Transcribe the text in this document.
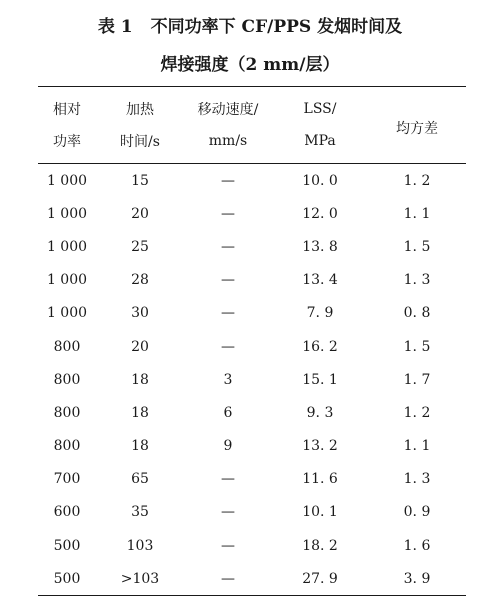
表 1 不同功率下 CF/PPS 发烟时间及
焊接强度（2 mm/层）
相对	加热	移动速度/	LSS/	均方差
功率	时间/s	mm/s	MPa	
1 000	15	—	10. 0	1. 2
1 000	20	—	12. 0	1. 1
1 000	25	—	13. 8	1. 5
1 000	28	—	13. 4	1. 3
1 000	30	—	7. 9	0. 8
800	20	—	16. 2	1. 5
800	18	3	15. 1	1. 7
800	18	6	9. 3	1. 2
800	18	9	13. 2	1. 1
700	65	—	11. 6	1. 3
600	35	—	10. 1	0. 9
500	103	—	18. 2	1. 6
500	>103	—	27. 9	3. 9
